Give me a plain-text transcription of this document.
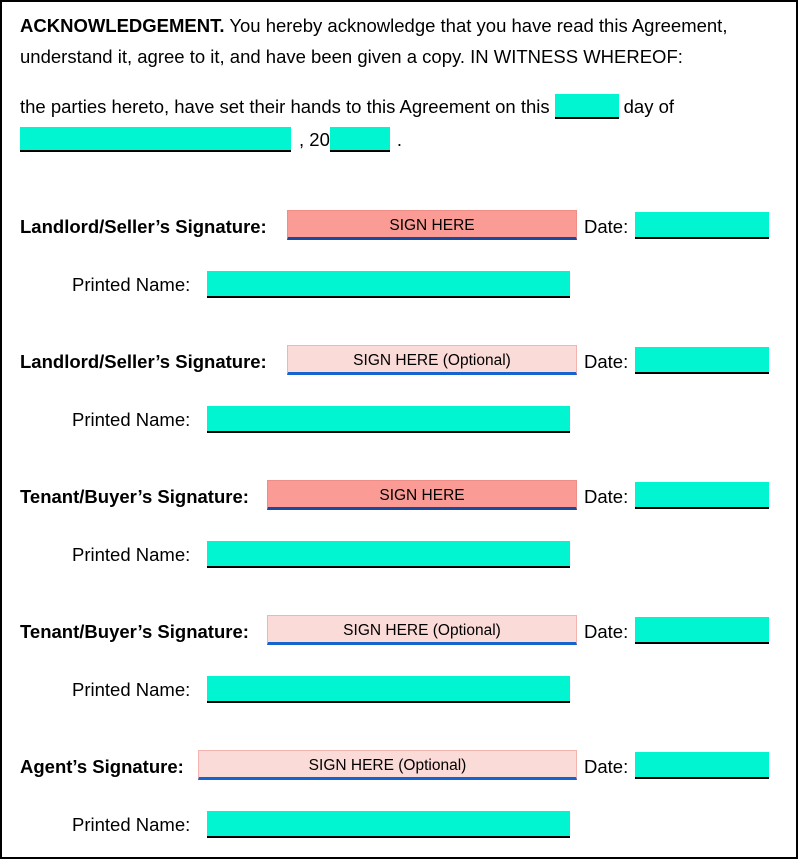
ACKNOWLEDGEMENT. You hereby acknowledge that you have read this Agreement, understand it, agree to it, and have been given a copy. IN WITNESS WHEREOF:

the parties hereto, have set their hands to this Agreement on this	day of
, 20	.

Landlord/Seller’s Signature:	SIGN HERE	Date:
Printed Name:
Landlord/Seller’s Signature:	SIGN HERE (Optional)	Date:
Printed Name:
Tenant/Buyer’s Signature:	SIGN HERE	Date:
Printed Name:
Tenant/Buyer’s Signature:	SIGN HERE (Optional)	Date:
Printed Name:
Agent’s Signature:	SIGN HERE (Optional)	Date:
Printed Name:
